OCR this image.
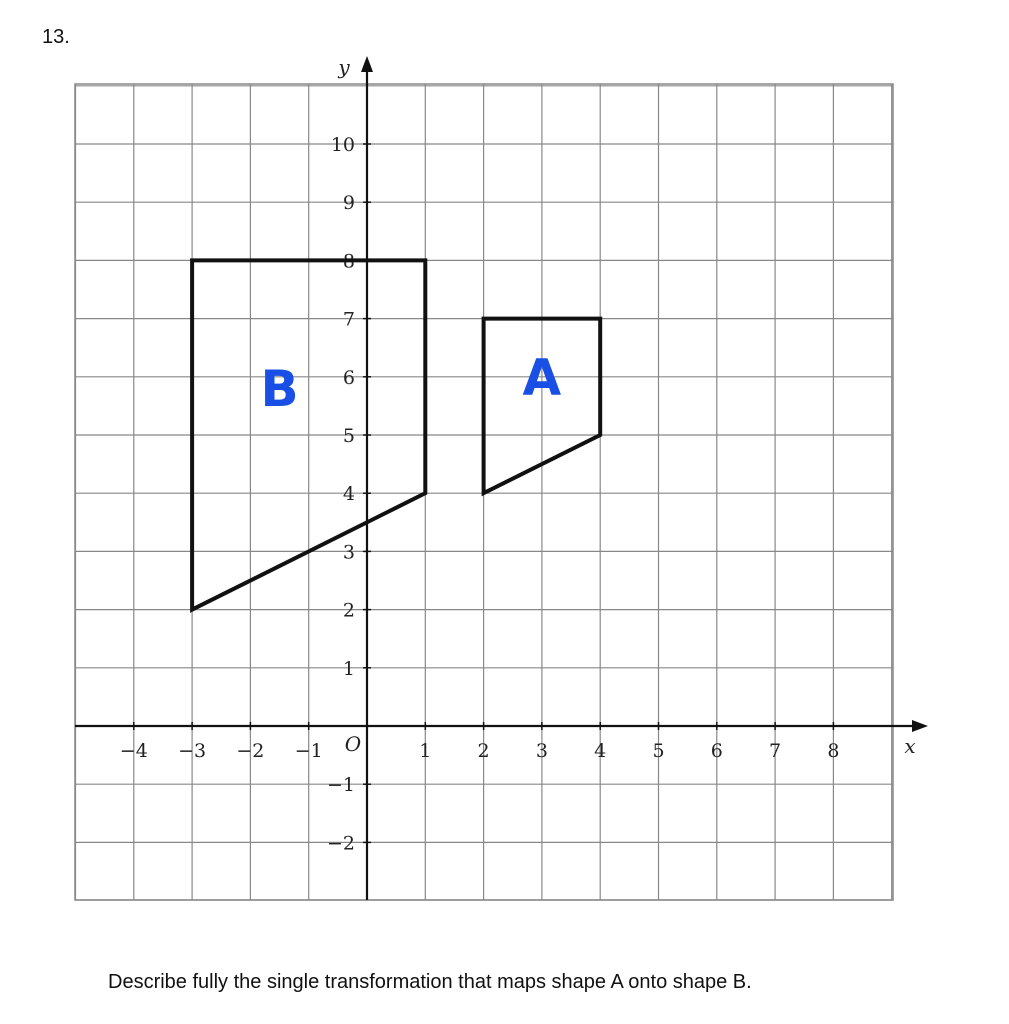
13.
−4 −3 −2 −1	1 2 3 4 5 6 7 8
−2
−1
1
2
3
4
5
6
7
8
9
10
O	x
y
A
B
Describe fully the single transformation that maps shape A onto shape B.
